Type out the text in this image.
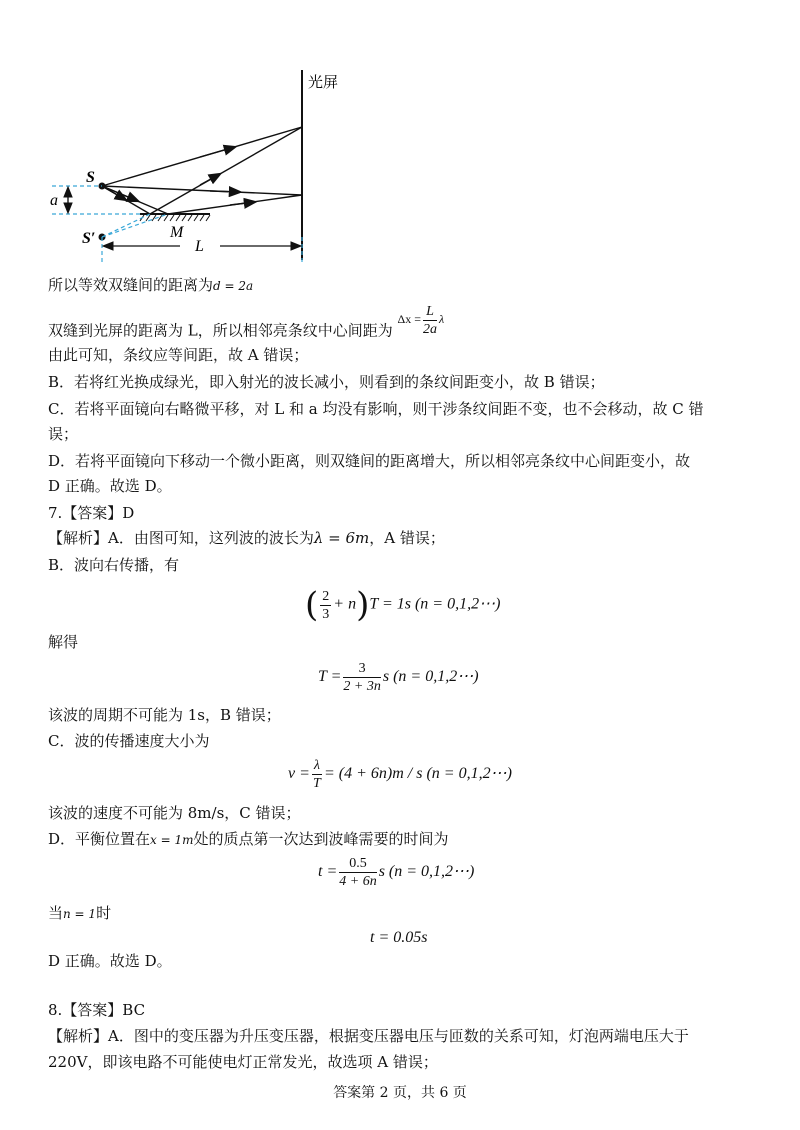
光屏
S
S′
a
M
L
所以等效双缝间的距离为d = 2a
双缝到光屏的距离为 L，所以相邻亮条纹中心间距为 $^{\Delta x = \frac{L}{2a} \lambda}$
由此可知，条纹应等间距，故 A 错误；
B．若将红光换成绿光，即入射光的波长减小，则看到的条纹间距变小，故 B 错误；
C．若将平面镜向右略微平移，对 L 和 a 均没有影响，则干涉条纹间距不变，也不会移动，故 C 错
误；
D．若将平面镜向下移动一个微小距离，则双缝间的距离增大，所以相邻亮条纹中心间距变小，故
D 正确。故选 D。
7.【答案】D
【解析】A．由图可知，这列波的波长为λ = 6m，A 错误；
B．波向右传播，有
( $\frac{2}{3} + n)T = 1s$ (n = 0,1,2⋯)
解得
$T = \frac{3}{2 + 3n}$ s (n = 0,1,2⋯)
该波的周期不可能为 1s，B 错误；
C．波的传播速度大小为
$v = \frac{\lambda}{T} = (4 + 6n)m / s$ (n = 0,1,2⋯)
该波的速度不可能为 8m/s，C 错误；
D．平衡位置在x = 1m处的质点第一次达到波峰需要的时间为
$t = \frac{0.5}{4 + 6n}$ s (n = 0,1,2⋯)
当n = 1时
t = 0.05s
D 正确。故选 D。
8.【答案】BC
【解析】A．图中的变压器为升压变压器，根据变压器电压与匝数的关系可知，灯泡两端电压大于
220V，即该电路不可能使电灯正常发光，故选项 A 错误；
答案第 2 页，共 6 页
